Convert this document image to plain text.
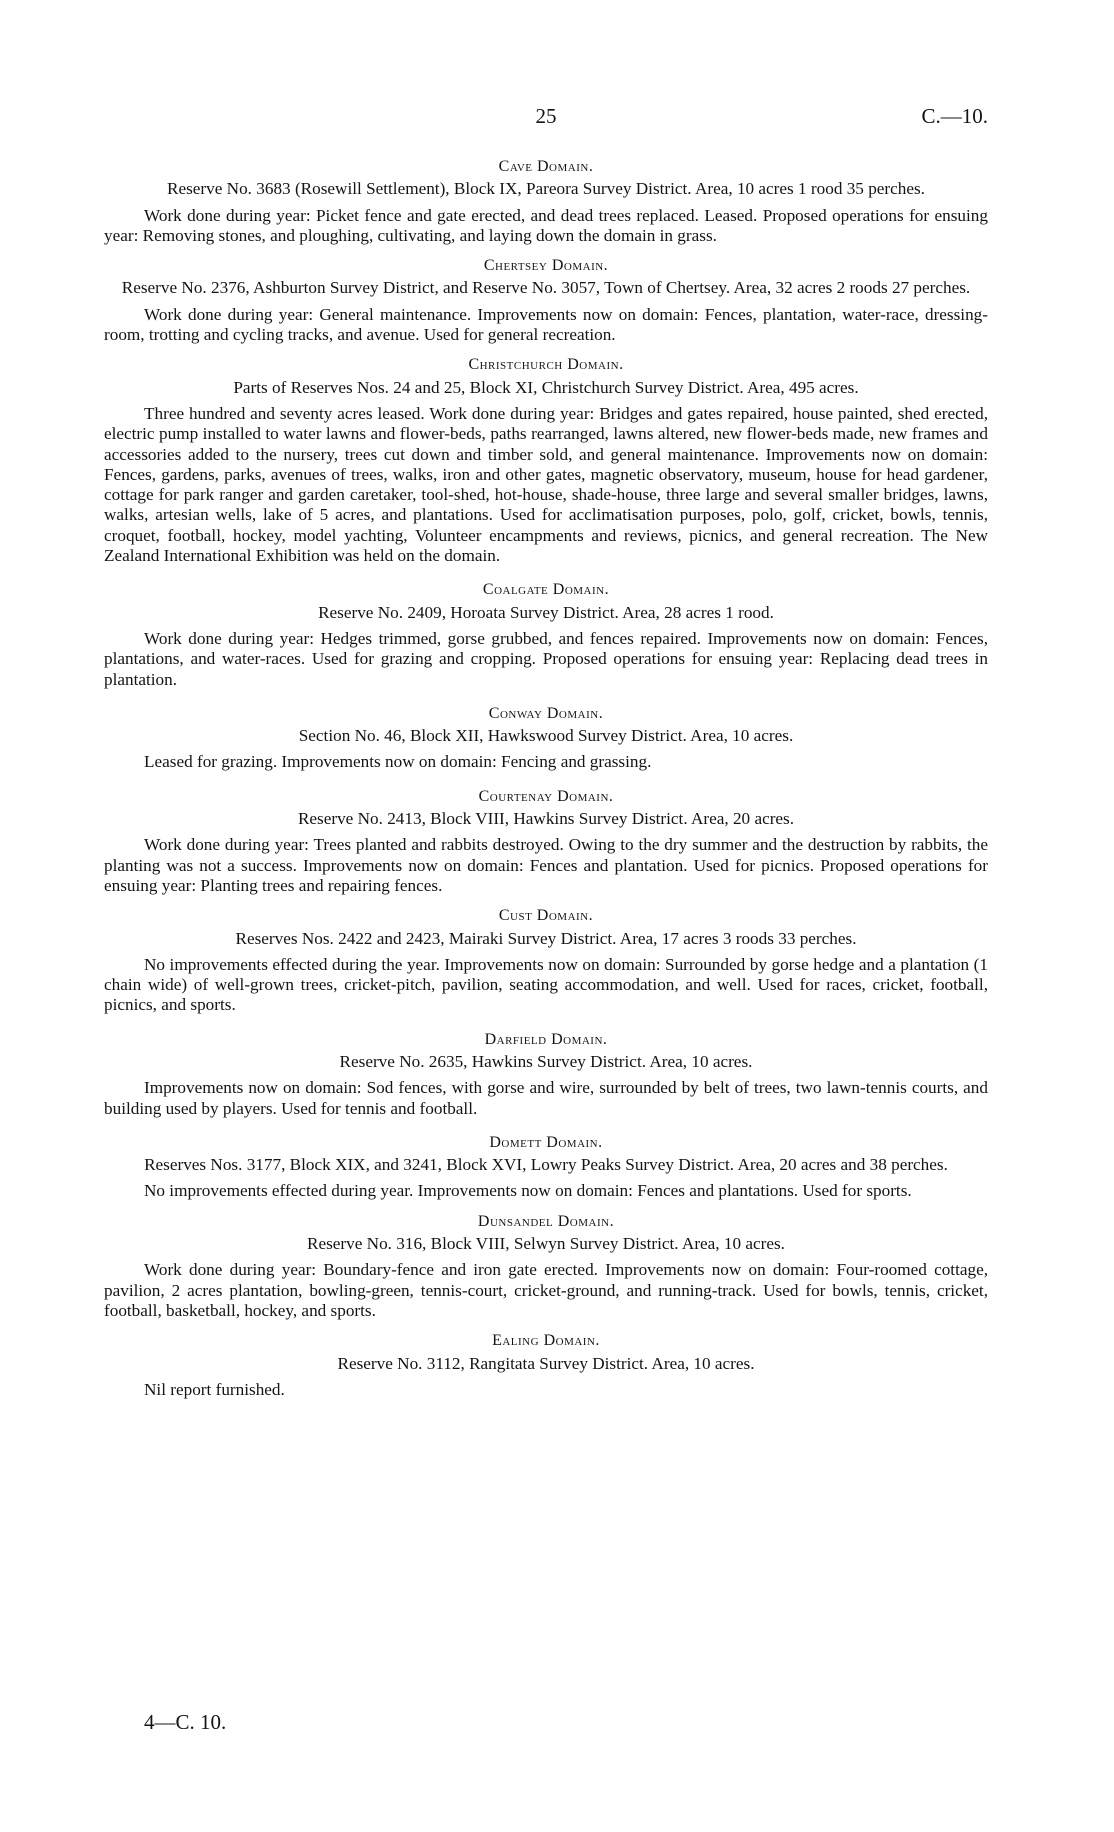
25	C.—10.
Cave Domain.

Reserve No. 3683 (Rosewill Settlement), Block IX, Pareora Survey District. Area, 10 acres 1 rood 35 perches.

Work done during year: Picket fence and gate erected, and dead trees replaced. Leased. Proposed operations for ensuing year: Removing stones, and ploughing, cultivating, and laying down the domain in grass.

Chertsey Domain.

Reserve No. 2376, Ashburton Survey District, and Reserve No. 3057, Town of Chertsey. Area, 32 acres 2 roods 27 perches.

Work done during year: General maintenance. Improvements now on domain: Fences, plantation, water-race, dressing-room, trotting and cycling tracks, and avenue. Used for general recreation.

Christchurch Domain.

Parts of Reserves Nos. 24 and 25, Block XI, Christchurch Survey District. Area, 495 acres.

Three hundred and seventy acres leased. Work done during year: Bridges and gates repaired, house painted, shed erected, electric pump installed to water lawns and flower-beds, paths rearranged, lawns altered, new flower-beds made, new frames and accessories added to the nursery, trees cut down and timber sold, and general maintenance. Improvements now on domain: Fences, gardens, parks, avenues of trees, walks, iron and other gates, magnetic observatory, museum, house for head gardener, cottage for park ranger and garden caretaker, tool-shed, hot-house, shade-house, three large and several smaller bridges, lawns, walks, artesian wells, lake of 5 acres, and plantations. Used for acclimatisation purposes, polo, golf, cricket, bowls, tennis, croquet, football, hockey, model yachting, Volunteer encampments and reviews, picnics, and general recreation. The New Zealand International Exhibition was held on the domain.

Coalgate Domain.

Reserve No. 2409, Horoata Survey District. Area, 28 acres 1 rood.

Work done during year: Hedges trimmed, gorse grubbed, and fences repaired. Improvements now on domain: Fences, plantations, and water-races. Used for grazing and cropping. Proposed operations for ensuing year: Replacing dead trees in plantation.

Conway Domain.

Section No. 46, Block XII, Hawkswood Survey District. Area, 10 acres.

Leased for grazing. Improvements now on domain: Fencing and grassing.

Courtenay Domain.

Reserve No. 2413, Block VIII, Hawkins Survey District. Area, 20 acres.

Work done during year: Trees planted and rabbits destroyed. Owing to the dry summer and the destruction by rabbits, the planting was not a success. Improvements now on domain: Fences and plantation. Used for picnics. Proposed operations for ensuing year: Planting trees and repairing fences.

Cust Domain.

Reserves Nos. 2422 and 2423, Mairaki Survey District. Area, 17 acres 3 roods 33 perches.

No improvements effected during the year. Improvements now on domain: Surrounded by gorse hedge and a plantation (1 chain wide) of well-grown trees, cricket-pitch, pavilion, seating accommodation, and well. Used for races, cricket, football, picnics, and sports.

Darfield Domain.

Reserve No. 2635, Hawkins Survey District. Area, 10 acres.

Improvements now on domain: Sod fences, with gorse and wire, surrounded by belt of trees, two lawn-tennis courts, and building used by players. Used for tennis and football.

Domett Domain.

Reserves Nos. 3177, Block XIX, and 3241, Block XVI, Lowry Peaks Survey District. Area, 20 acres and 38 perches.

No improvements effected during year. Improvements now on domain: Fences and plantations. Used for sports.

Dunsandel Domain.

Reserve No. 316, Block VIII, Selwyn Survey District. Area, 10 acres.

Work done during year: Boundary-fence and iron gate erected. Improvements now on domain: Four-roomed cottage, pavilion, 2 acres plantation, bowling-green, tennis-court, cricket-ground, and running-track. Used for bowls, tennis, cricket, football, basketball, hockey, and sports.

Ealing Domain.

Reserve No. 3112, Rangitata Survey District. Area, 10 acres.

Nil report furnished.

4—C. 10.
